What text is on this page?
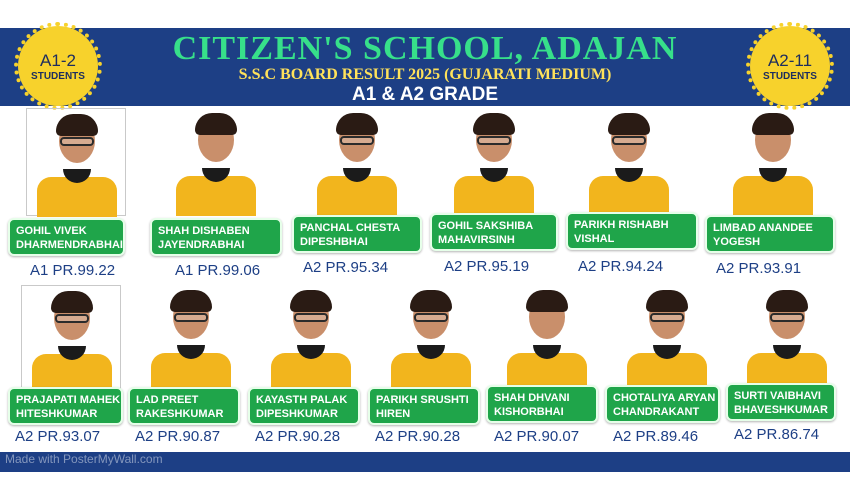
CITIZEN'S SCHOOL, ADAJAN
S.S.C BOARD RESULT 2025 (GUJARATI MEDIUM)
A1 & A2 GRADE
A1-2
STUDENTS
A2-11
STUDENTS
GOHIL VIVEK
DHARMENDRABHAI
A1 PR.99.22
SHAH DISHABEN
JAYENDRABHAI
A1 PR.99.06
PANCHAL CHESTA
DIPESHBHAI
A2 PR.95.34
GOHIL SAKSHIBA
MAHAVIRSINH
A2 PR.95.19
PARIKH RISHABH
VISHAL
A2 PR.94.24
LIMBAD ANANDEE
YOGESH
A2 PR.93.91
PRAJAPATI MAHEK
HITESHKUMAR
A2 PR.93.07
LAD PREET
RAKESHKUMAR
A2 PR.90.87
KAYASTH PALAK
DIPESHKUMAR
A2 PR.90.28
PARIKH SRUSHTI
HIREN
A2 PR.90.28
SHAH DHVANI
KISHORBHAI
A2 PR.90.07
CHOTALIYA ARYAN
CHANDRAKANT
A2 PR.89.46
SURTI VAIBHAVI
BHAVESHKUMAR
A2 PR.86.74
Made with PosterMyWall.com
